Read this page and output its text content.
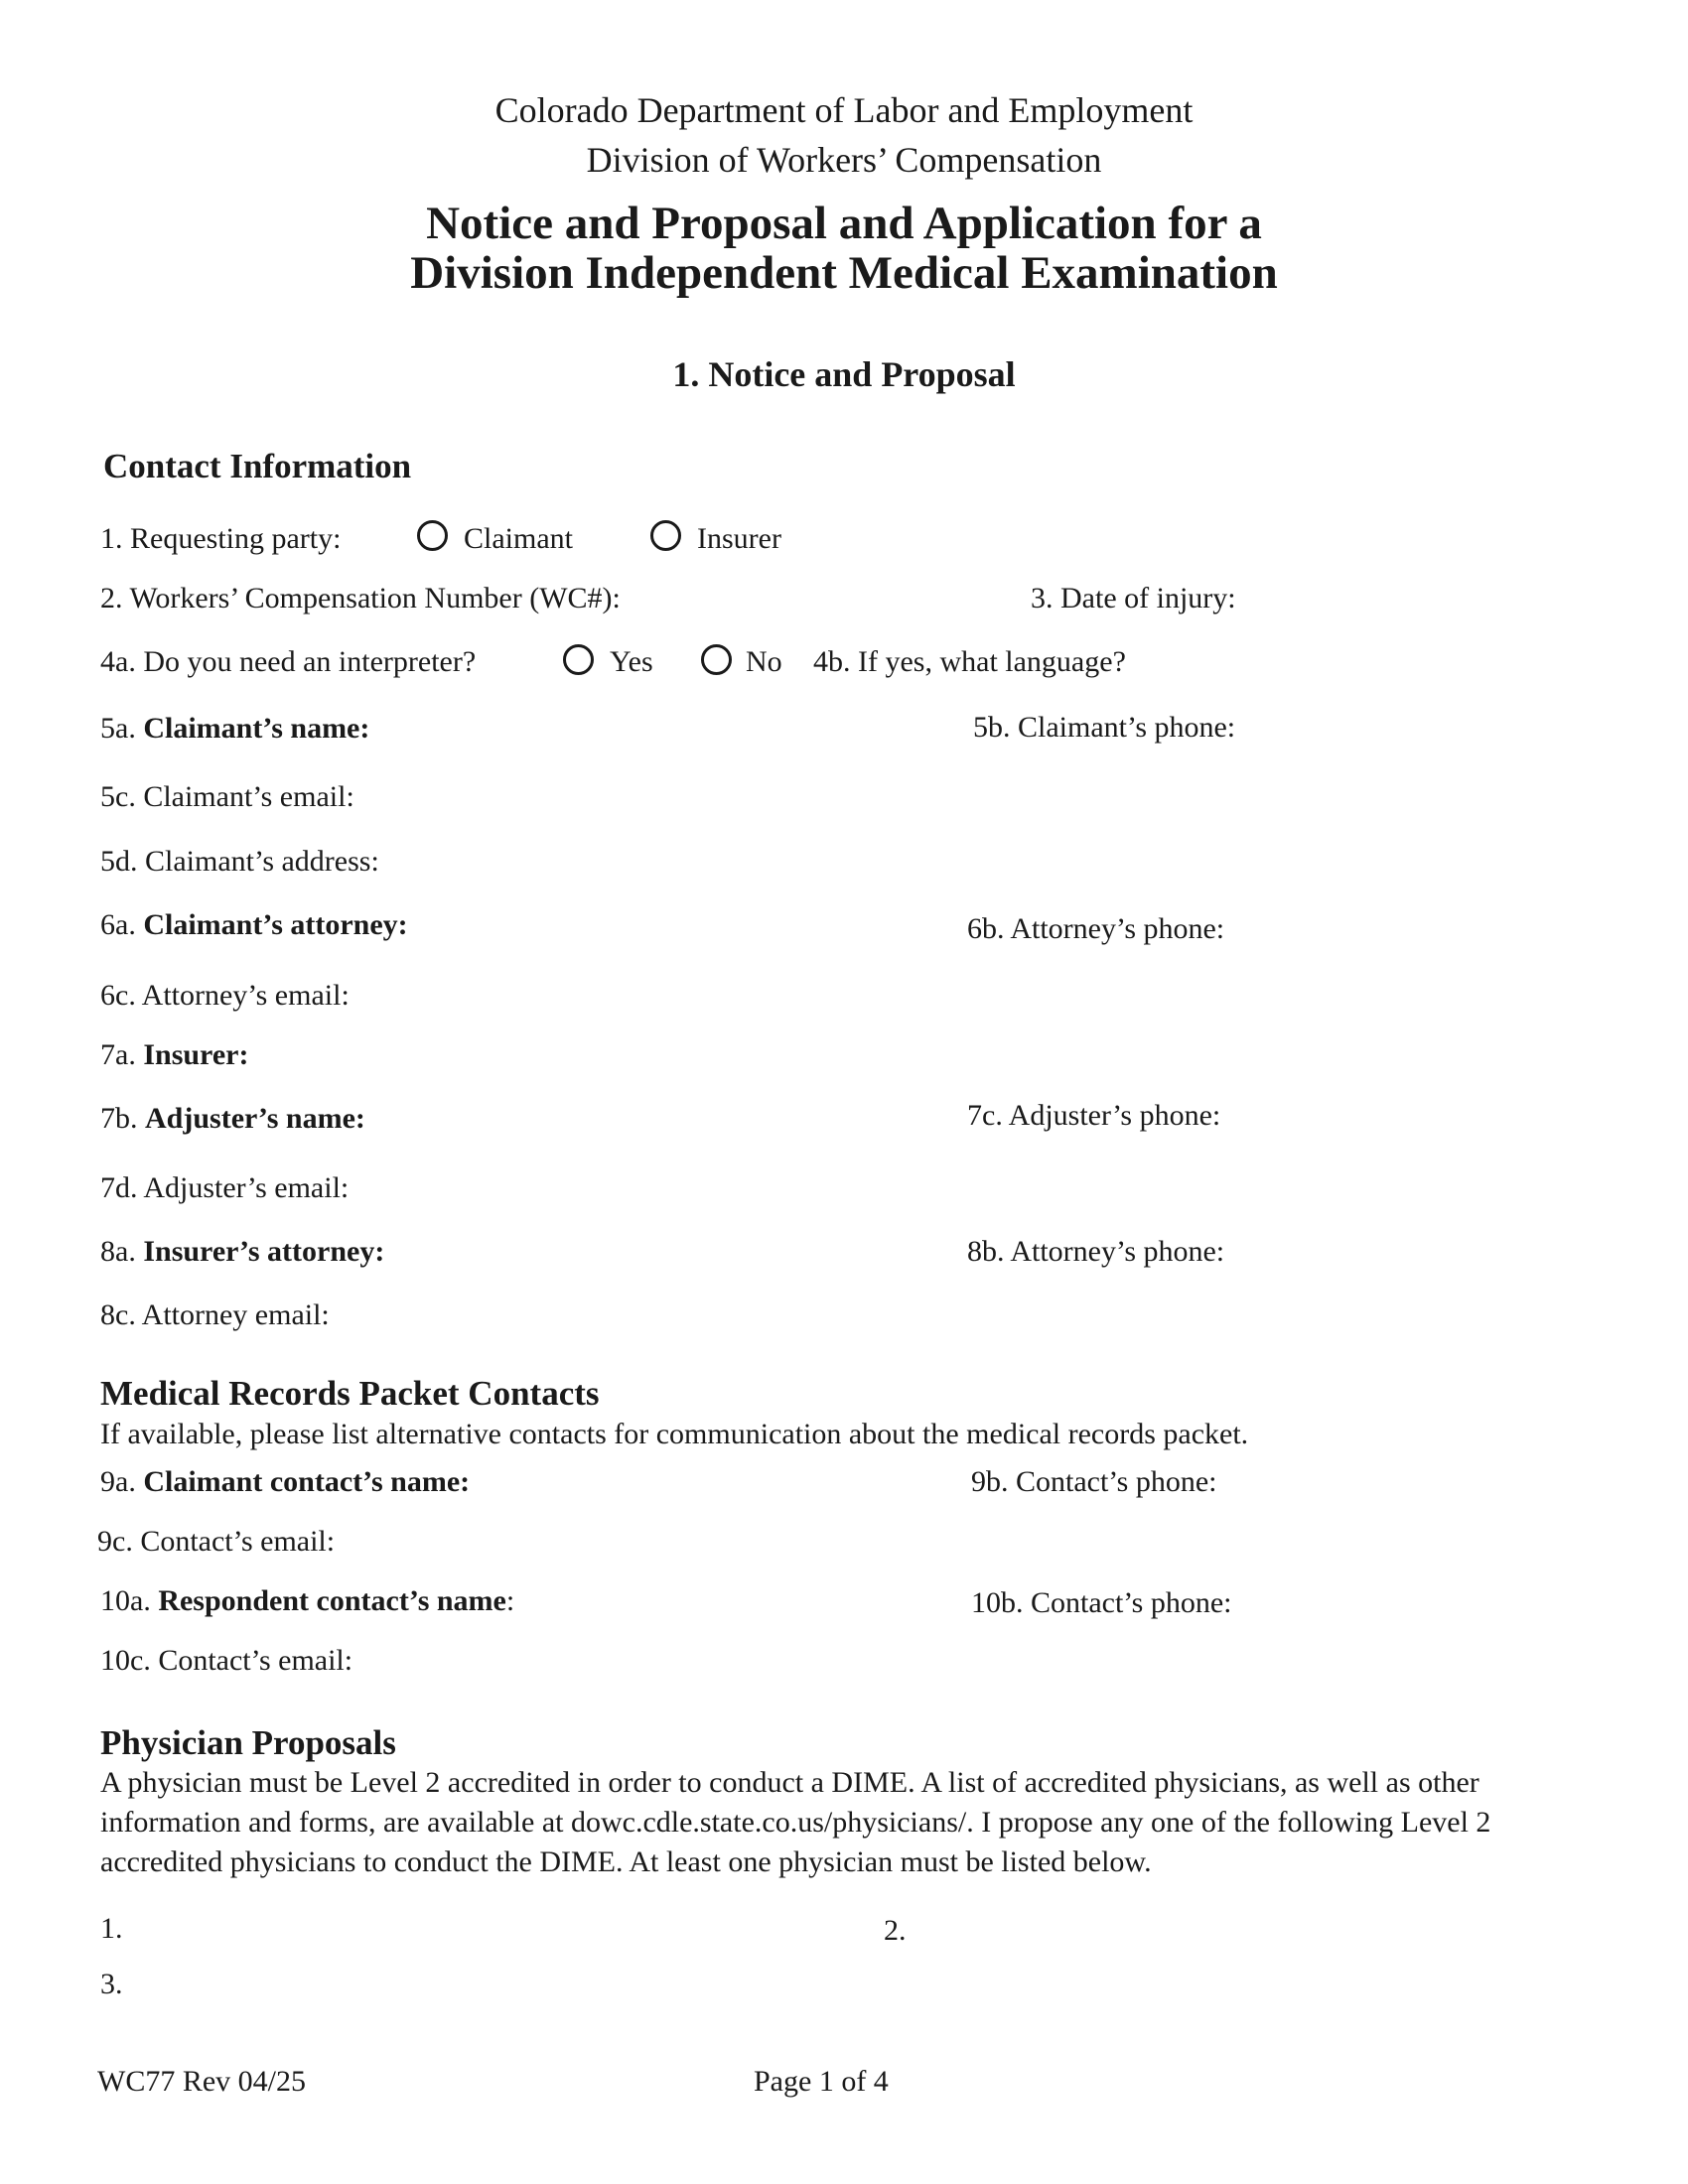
Colorado Department of Labor and Employment
Division of Workers’ Compensation
Notice and Proposal and Application for a
Division Independent Medical Examination
1. Notice and Proposal
Contact Information
1. Requesting party:	Claimant	Insurer
2. Workers’ Compensation Number (WC#):	3. Date of injury:
4a. Do you need an interpreter?	Yes	No 4b. If yes, what language?
5a. Claimant’s name:	5b. Claimant’s phone:
5c. Claimant’s email:
5d. Claimant’s address:
6a. Claimant’s attorney:	6b. Attorney’s phone:
6c. Attorney’s email:
7a. Insurer:
7b. Adjuster’s name:	7c. Adjuster’s phone:
7d. Adjuster’s email:
8a. Insurer’s attorney:	8b. Attorney’s phone:
8c. Attorney email:
Medical Records Packet Contacts
If available, please list alternative contacts for communication about the medical records packet.
9a. Claimant contact’s name:	9b. Contact’s phone:
9c. Contact’s email:
10a. Respondent contact’s name:	10b. Contact’s phone:
10c. Contact’s email:
Physician Proposals
A physician must be Level 2 accredited in order to conduct a DIME. A list of accredited physicians, as well as other information and forms, are available at dowc.cdle.state.co.us/physicians/. I propose any one of the following Level 2 accredited physicians to conduct the DIME. At least one physician must be listed below.
1.	2.
3.
WC77 Rev 04/25	Page 1 of 4
